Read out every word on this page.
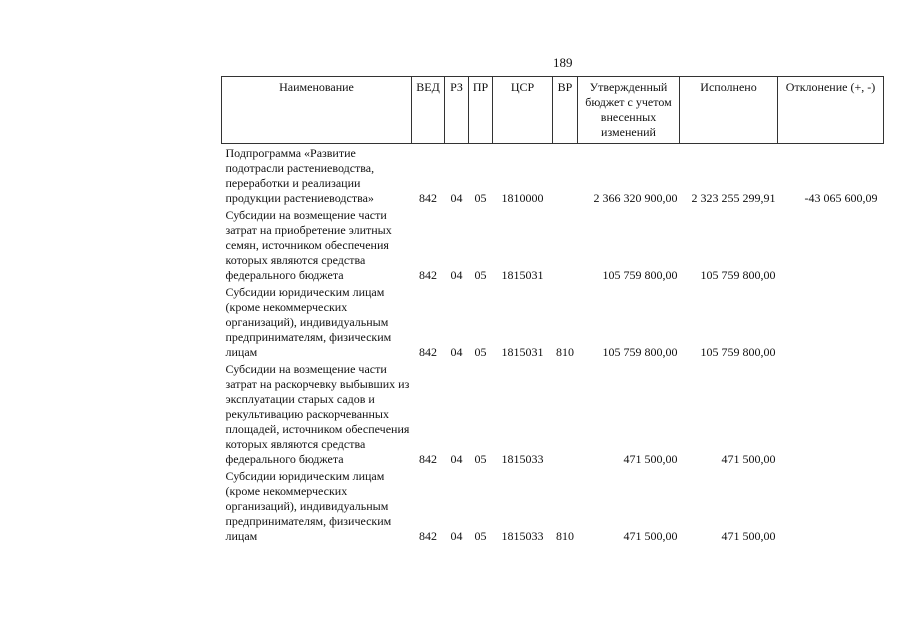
189
Наименование	ВЕД	РЗ	ПР	ЦСР	ВР	Утвержденный бюджет с учетом внесенных изменений	Исполнено	Отклонение (+, -)
Подпрограмма «Развитие подотрасли растениеводства, переработки и реализации продукции растениеводства»	842	04	05	1810000		2 366 320 900,00	2 323 255 299,91	-43 065 600,09
Субсидии на возмещение части затрат на приобретение элитных семян, источником обеспечения которых являются средства федерального бюджета	842	04	05	1815031		105 759 800,00	105 759 800,00	
Субсидии юридическим лицам (кроме некоммерческих организаций), индивидуальным предпринимателям, физическим лицам	842	04	05	1815031	810	105 759 800,00	105 759 800,00	
Субсидии на возмещение части затрат на раскорчевку выбывших из эксплуатации старых садов и рекультивацию раскорчеванных площадей, источником обеспечения которых являются средства федерального бюджета	842	04	05	1815033		471 500,00	471 500,00	
Субсидии юридическим лицам (кроме некоммерческих организаций), индивидуальным предпринимателям, физическим лицам	842	04	05	1815033	810	471 500,00	471 500,00	
